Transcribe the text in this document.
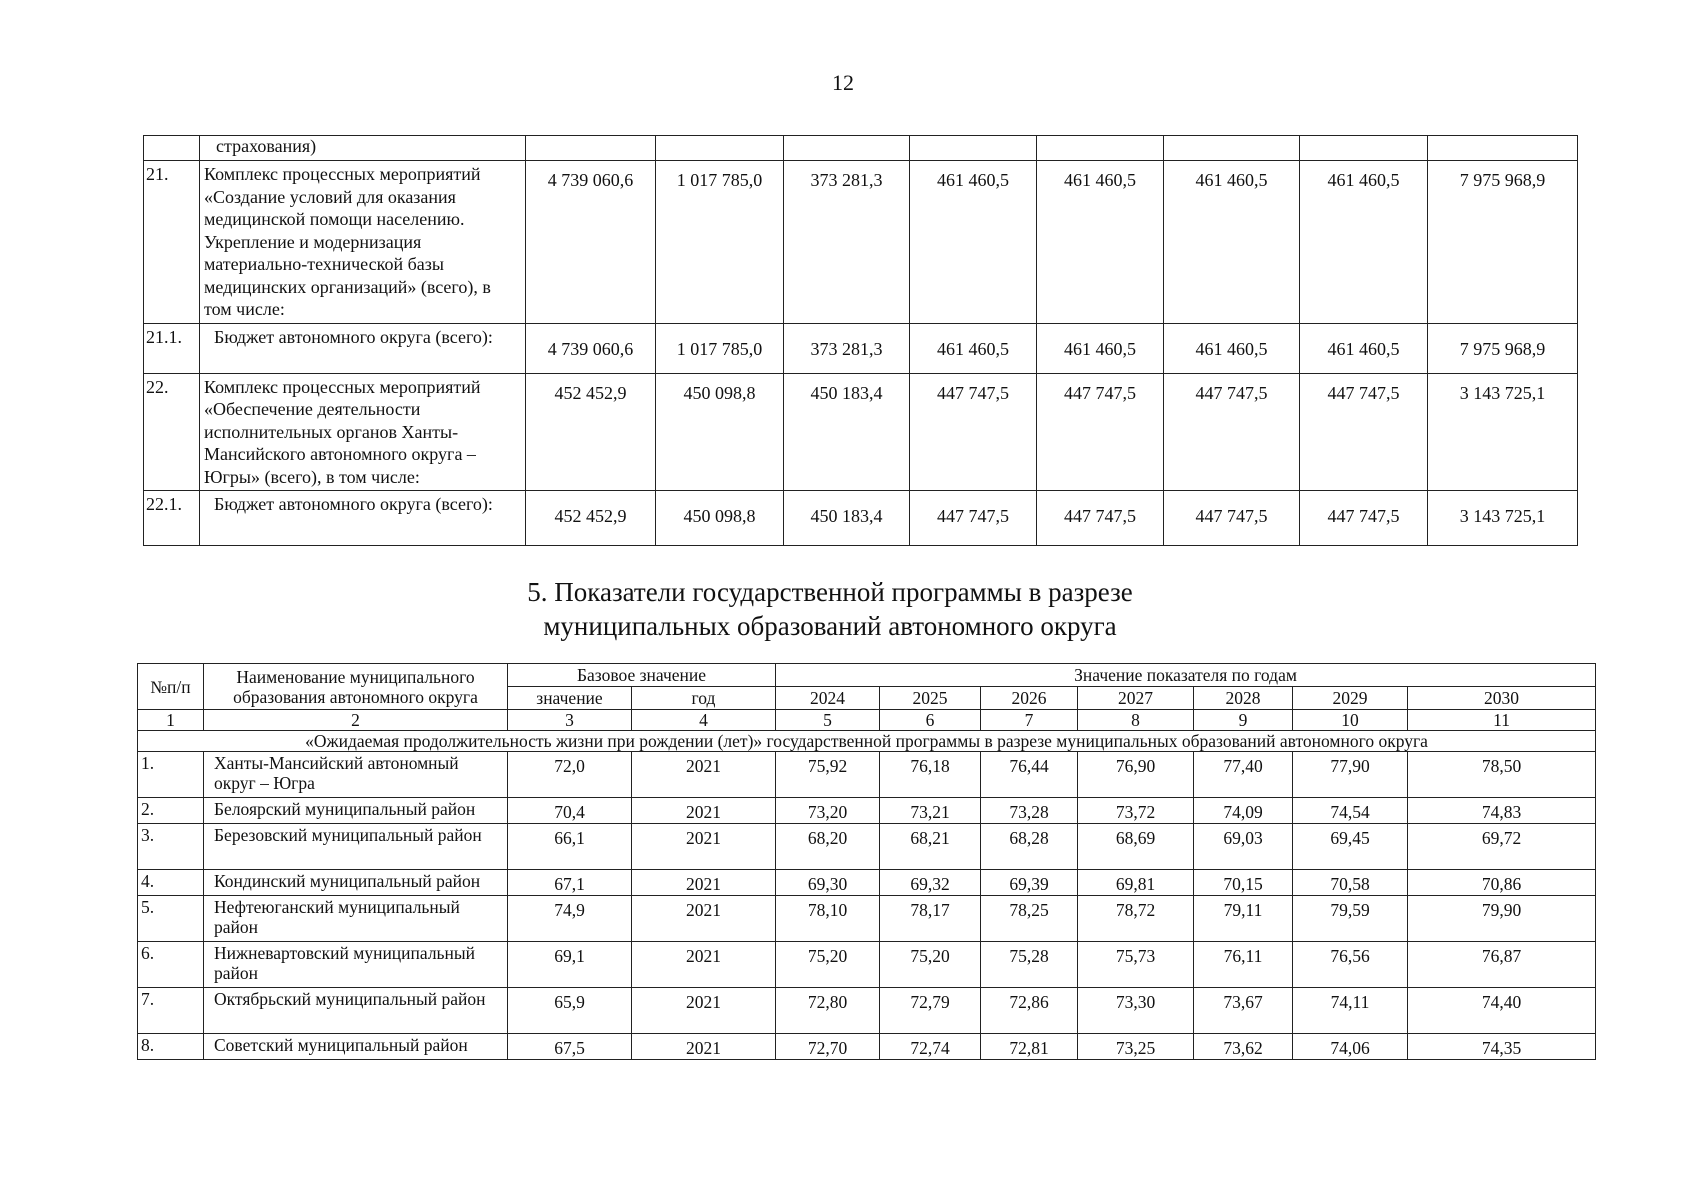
12
	страхования)								
21.	Комплекс процессных мероприятий «Создание условий для оказания медицинской помощи населению. Укрепление и модернизация материально-технической базы медицинских организаций» (всего), в том числе:	4 739 060,6	1 017 785,0	373 281,3	461 460,5	461 460,5	461 460,5	461 460,5	7 975 968,9
21.1.	Бюджет автономного округа (всего):	4 739 060,6	1 017 785,0	373 281,3	461 460,5	461 460,5	461 460,5	461 460,5	7 975 968,9
22.	Комплекс процессных мероприятий «Обеспечение деятельности исполнительных органов Ханты-Мансийского автономного округа – Югры» (всего), в том числе:	452 452,9	450 098,8	450 183,4	447 747,5	447 747,5	447 747,5	447 747,5	3 143 725,1
22.1.	Бюджет автономного округа (всего):	452 452,9	450 098,8	450 183,4	447 747,5	447 747,5	447 747,5	447 747,5	3 143 725,1
5. Показатели государственной программы в разрезе
муниципальных образований автономного округа
№п/п	Наименование муниципального образования автономного округа	Базовое значение		Значение показателя по годам						
		значение	год	2024	2025	2026	2027	2028	2029	2030
1	2	3	4	5	6	7	8	9	10	11
«Ожидаемая продолжительность жизни при рождении (лет)» государственной программы в разрезе муниципальных образований автономного округа										
1.	Ханты-Мансийский автономный округ – Югра	72,0	2021	75,92	76,18	76,44	76,90	77,40	77,90	78,50
2.	Белоярский муниципальный район	70,4	2021	73,20	73,21	73,28	73,72	74,09	74,54	74,83
3.	Березовский муниципальный район	66,1	2021	68,20	68,21	68,28	68,69	69,03	69,45	69,72
4.	Кондинский муниципальный район	67,1	2021	69,30	69,32	69,39	69,81	70,15	70,58	70,86
5.	Нефтеюганский муниципальный район	74,9	2021	78,10	78,17	78,25	78,72	79,11	79,59	79,90
6.	Нижневартовский муниципальный район	69,1	2021	75,20	75,20	75,28	75,73	76,11	76,56	76,87
7.	Октябрьский муниципальный район	65,9	2021	72,80	72,79	72,86	73,30	73,67	74,11	74,40
8.	Советский муниципальный район	67,5	2021	72,70	72,74	72,81	73,25	73,62	74,06	74,35
